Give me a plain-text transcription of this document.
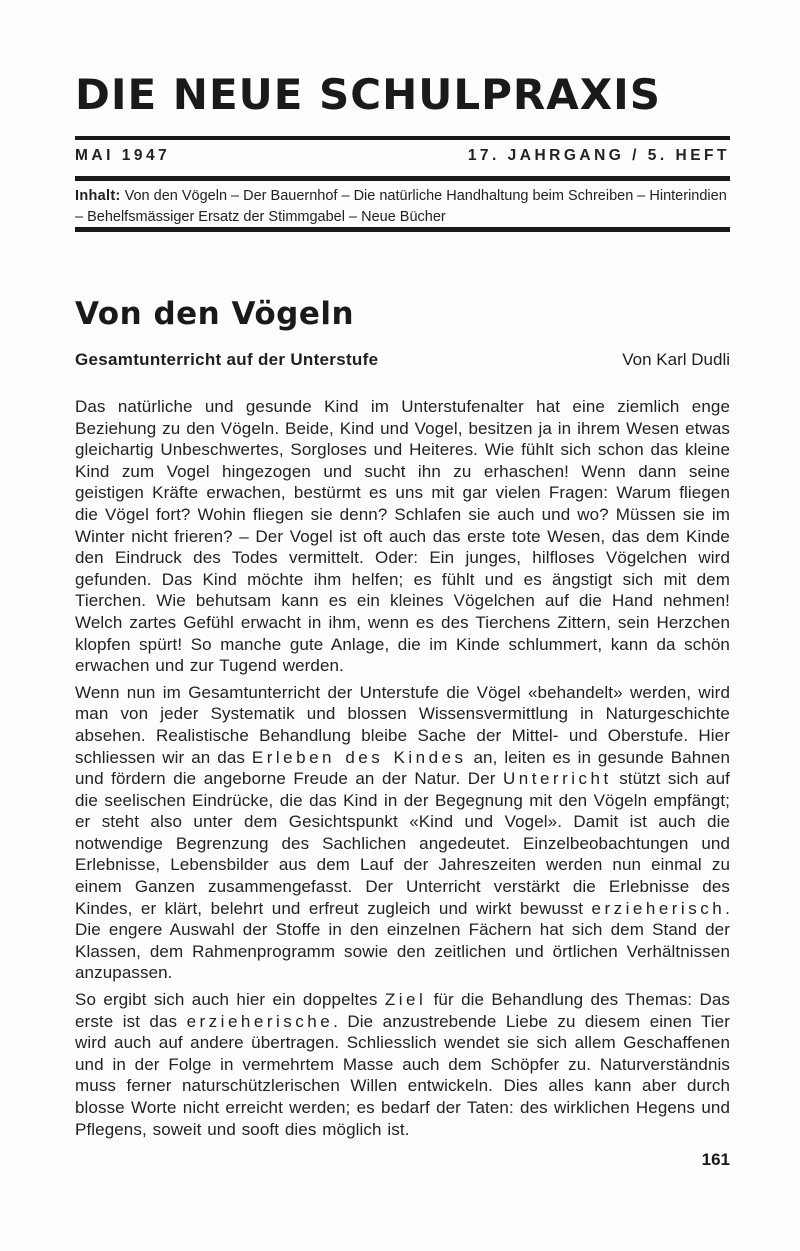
DIE NEUE SCHULPRAXIS
MAI 1947	17. JAHRGANG / 5. HEFT

Inhalt: Von den Vögeln – Der Bauernhof – Die natürliche Handhaltung beim Schreiben – Hinterindien – Behelfsmässiger Ersatz der Stimmgabel – Neue Bücher

Von den Vögeln
Gesamtunterricht auf der Unterstufe	Von Karl Dudli

Das natürliche und gesunde Kind im Unterstufenalter hat eine ziemlich enge Beziehung zu den Vögeln. Beide, Kind und Vogel, besitzen ja in ihrem Wesen etwas gleichartig Unbeschwertes, Sorgloses und Heiteres. Wie fühlt sich schon das kleine Kind zum Vogel hingezogen und sucht ihn zu erhaschen! Wenn dann seine geistigen Kräfte erwachen, bestürmt es uns mit gar vielen Fragen: Warum fliegen die Vögel fort? Wohin fliegen sie denn? Schlafen sie auch und wo? Müssen sie im Winter nicht frieren? – Der Vogel ist oft auch das erste tote Wesen, das dem Kinde den Eindruck des Todes vermittelt. Oder: Ein junges, hilfloses Vögelchen wird gefunden. Das Kind möchte ihm helfen; es fühlt und es ängstigt sich mit dem Tierchen. Wie behutsam kann es ein kleines Vögelchen auf die Hand nehmen! Welch zartes Gefühl erwacht in ihm, wenn es des Tierchens Zittern, sein Herzchen klopfen spürt! So manche gute Anlage, die im Kinde schlummert, kann da schön erwachen und zur Tugend werden.

Wenn nun im Gesamtunterricht der Unterstufe die Vögel «behandelt» werden, wird man von jeder Systematik und blossen Wissensvermittlung in Naturgeschichte absehen. Realistische Behandlung bleibe Sache der Mittel- und Oberstufe. Hier schliessen wir an das Erleben des Kindes an, leiten es in gesunde Bahnen und fördern die angeborne Freude an der Natur. Der Unterricht stützt sich auf die seelischen Eindrücke, die das Kind in der Begegnung mit den Vögeln empfängt; er steht also unter dem Gesichtspunkt «Kind und Vogel». Damit ist auch die notwendige Begrenzung des Sachlichen angedeutet. Einzelbeobachtungen und Erlebnisse, Lebensbilder aus dem Lauf der Jahreszeiten werden nun einmal zu einem Ganzen zusammengefasst. Der Unterricht verstärkt die Erlebnisse des Kindes, er klärt, belehrt und erfreut zugleich und wirkt bewusst erzieherisch. Die engere Auswahl der Stoffe in den einzelnen Fächern hat sich dem Stand der Klassen, dem Rahmenprogramm sowie den zeitlichen und örtlichen Verhältnissen anzupassen.

So ergibt sich auch hier ein doppeltes Ziel für die Behandlung des Themas: Das erste ist das erzieherische. Die anzustrebende Liebe zu diesem einen Tier wird auch auf andere übertragen. Schliesslich wendet sie sich allem Geschaffenen und in der Folge in vermehrtem Masse auch dem Schöpfer zu. Naturverständnis muss ferner naturschützlerischen Willen entwickeln. Dies alles kann aber durch blosse Worte nicht erreicht werden; es bedarf der Taten: des wirklichen Hegens und Pflegens, soweit und sooft dies möglich ist.

161
